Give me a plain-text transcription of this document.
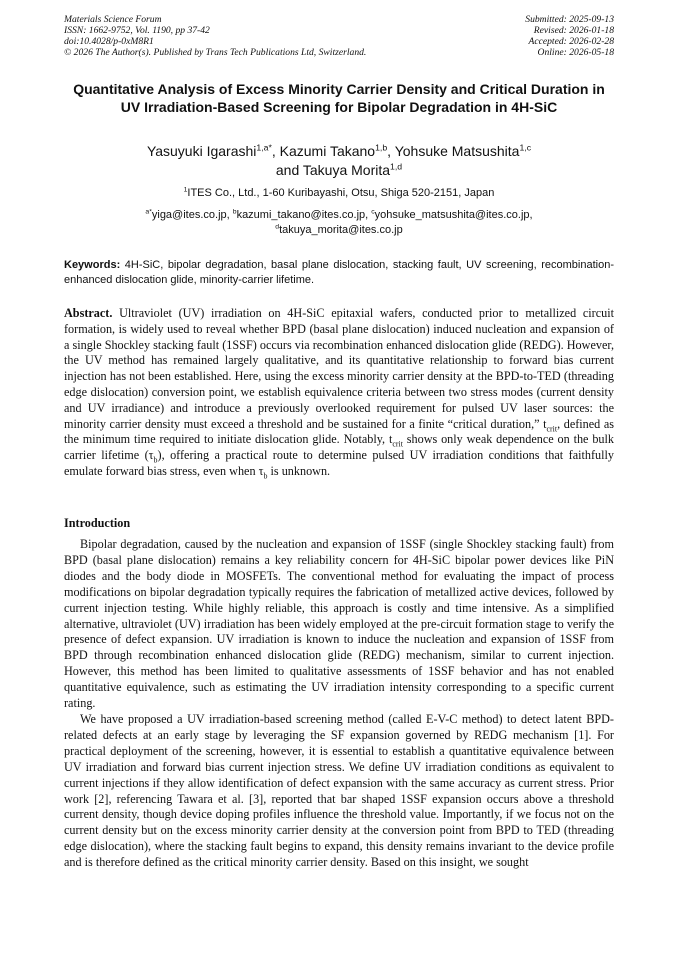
Materials Science Forum
ISSN: 1662-9752, Vol. 1190, pp 37-42
doi:10.4028/p-0xM8R1
© 2026 The Author(s). Published by Trans Tech Publications Ltd, Switzerland.
Submitted: 2025-09-13
Revised: 2026-01-18
Accepted: 2026-02-28
Online: 2026-05-18
Quantitative Analysis of Excess Minority Carrier Density and Critical Duration in UV Irradiation-Based Screening for Bipolar Degradation in 4H-SiC
Yasuyuki Igarashi$^{1,a*}$, Kazumi Takano$^{1,b}$, Yohsuke Matsushita$^{1,c}$
and Takuya Morita$^{1,d}$
$^1$ITES Co., Ltd., 1-60 Kuribayashi, Otsu, Shiga 520-2151, Japan
$^{a*}$yiga@ites.co.jp, $^b$kazumi_takano@ites.co.jp, $^c$yohsuke_matsushita@ites.co.jp,
$^d$takuya_morita@ites.co.jp
Keywords: 4H-SiC, bipolar degradation, basal plane dislocation, stacking fault, UV screening, recombination-enhanced dislocation glide, minority-carrier lifetime.
Abstract. Ultraviolet (UV) irradiation on 4H-SiC epitaxial wafers, conducted prior to metallized circuit formation, is widely used to reveal whether BPD (basal plane dislocation) induced nucleation and expansion of a single Shockley stacking fault (1SSF) occurs via recombination enhanced dislocation glide (REDG). However, the UV method has remained largely qualitative, and its quantitative relationship to forward bias current injection has not been established. Here, using the excess minority carrier density at the BPD-to-TED (threading edge dislocation) conversion point, we establish equivalence criteria between two stress modes (current density and UV irradiance) and introduce a previously overlooked requirement for pulsed UV laser sources: the minority carrier density must exceed a threshold and be sustained for a finite “critical duration,” $t_{crit}$, defined as the minimum time required to initiate dislocation glide. Notably, $t_{crit}$ shows only weak dependence on the bulk carrier lifetime $(\tau_b)$, offering a practical route to determine pulsed UV irradiation conditions that faithfully emulate forward bias stress, even when $\tau_b$ is unknown.
Introduction

Bipolar degradation, caused by the nucleation and expansion of 1SSF (single Shockley stacking fault) from BPD (basal plane dislocation) remains a key reliability concern for 4H-SiC bipolar power devices like PiN diodes and the body diode in MOSFETs. The conventional method for evaluating the impact of process modifications on bipolar degradation typically requires the fabrication of metallized active devices, followed by current injection testing. While highly reliable, this approach is costly and time intensive. As a simplified alternative, ultraviolet (UV) irradiation has been widely employed at the pre-circuit formation stage to verify the presence of defect expansion. UV irradiation is known to induce the nucleation and expansion of 1SSF from BPD through recombination enhanced dislocation glide (REDG) mechanism, similar to current injection. However, this method has been limited to qualitative assessments of 1SSF behavior and has not enabled quantitative equivalence, such as estimating the UV irradiation intensity corresponding to a specific current rating.

We have proposed a UV irradiation-based screening method (called E-V-C method) to detect latent BPD-related defects at an early stage by leveraging the SF expansion governed by REDG mechanism [1]. For practical deployment of the screening, however, it is essential to establish a quantitative equivalence between UV irradiation and forward bias current injection stress. We define UV irradiation conditions as equivalent to current injections if they allow identification of defect expansion with the same accuracy as current stress. Prior work [2], referencing Tawara et al. [3], reported that bar shaped 1SSF expansion occurs above a threshold current density, though device doping profiles influence the threshold value. Importantly, if we focus not on the current density but on the excess minority carrier density at the conversion point from BPD to TED (threading edge dislocation), where the stacking fault begins to expand, this density remains invariant to the device profile and is therefore defined as the critical minority carrier density. Based on this insight, we sought
